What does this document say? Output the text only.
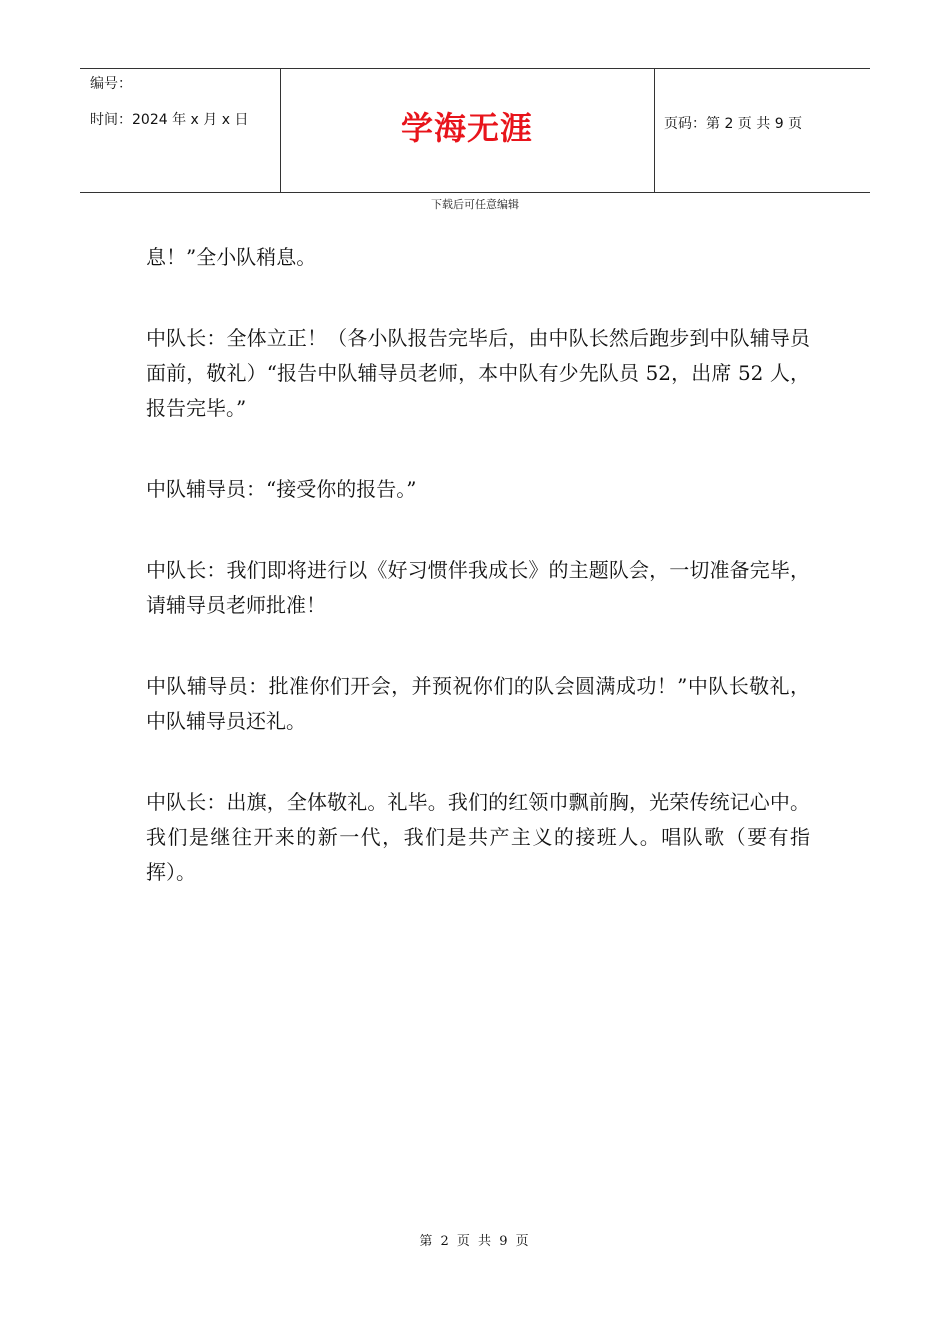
编号：
时间：2024 年 x 月 x 日	学海无涯	页码：第 2 页 共 9 页
下载后可任意编辑

息！”全小队稍息。

中队长：全体立正！（各小队报告完毕后，由中队长然后跑步到中队辅导员面前，敬礼）“报告中队辅导员老师，本中队有少先队员 52，出席 52 人，报告完毕。”

中队辅导员：“接受你的报告。”

中队长：我们即将进行以《好习惯伴我成长》的主题队会，一切准备完毕，请辅导员老师批准！

中队辅导员：批准你们开会，并预祝你们的队会圆满成功！”中队长敬礼，中队辅导员还礼。

中队长：出旗，全体敬礼。礼毕。我们的红领巾飘前胸，光荣传统记心中。我们是继往开来的新一代，我们是共产主义的接班人。唱队歌（要有指挥）。

第 2 页 共 9 页
